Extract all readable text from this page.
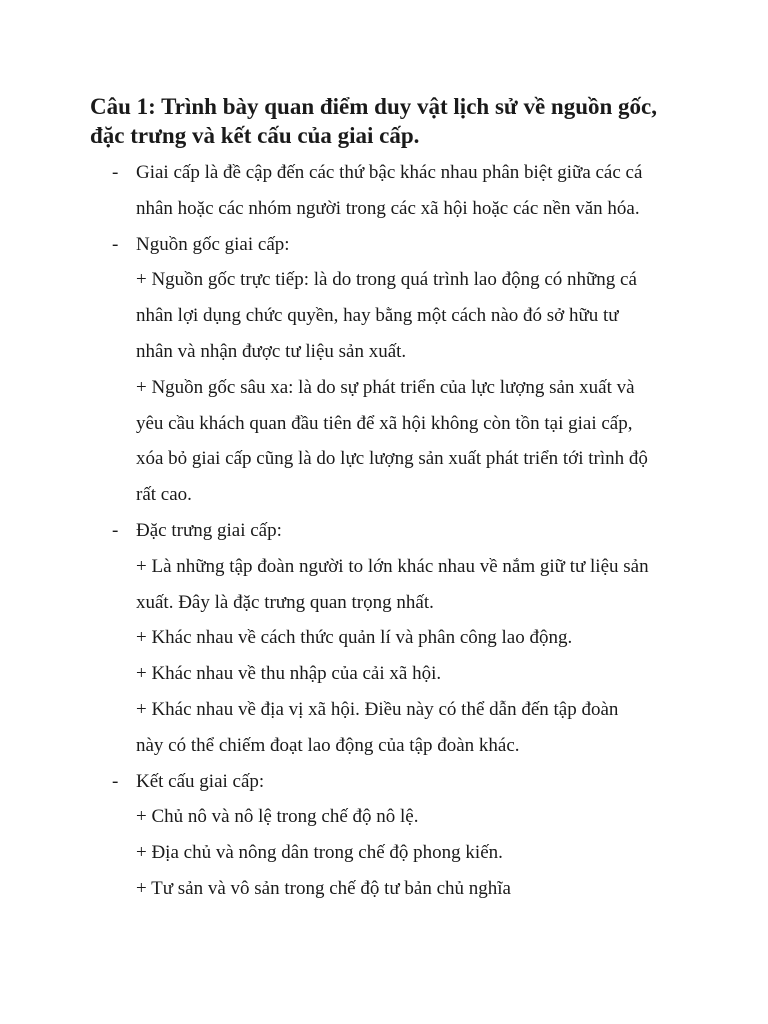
Câu 1: Trình bày quan điểm duy vật lịch sử về nguồn gốc,
đặc trưng và kết cấu của giai cấp.
- Giai cấp là đề cập đến các thứ bậc khác nhau phân biệt giữa các cá
nhân hoặc các nhóm người trong các xã hội hoặc các nền văn hóa.
- Nguồn gốc giai cấp:
+ Nguồn gốc trực tiếp: là do trong quá trình lao động có những cá
nhân lợi dụng chức quyền, hay bằng một cách nào đó sở hữu tư
nhân và nhận được tư liệu sản xuất.
+ Nguồn gốc sâu xa: là do sự phát triển của lực lượng sản xuất và
yêu cầu khách quan đầu tiên để xã hội không còn tồn tại giai cấp,
xóa bỏ giai cấp cũng là do lực lượng sản xuất phát triển tới trình độ
rất cao.
- Đặc trưng giai cấp:
+ Là những tập đoàn người to lớn khác nhau về nắm giữ tư liệu sản
xuất. Đây là đặc trưng quan trọng nhất.
+ Khác nhau về cách thức quản lí và phân công lao động.
+ Khác nhau về thu nhập của cải xã hội.
+ Khác nhau về địa vị xã hội. Điều này có thể dẫn đến tập đoàn
này có thể chiếm đoạt lao động của tập đoàn khác.
- Kết cấu giai cấp:
+ Chủ nô và nô lệ trong chế độ nô lệ.
+ Địa chủ và nông dân trong chế độ phong kiến.
+ Tư sản và vô sản trong chế độ tư bản chủ nghĩa
